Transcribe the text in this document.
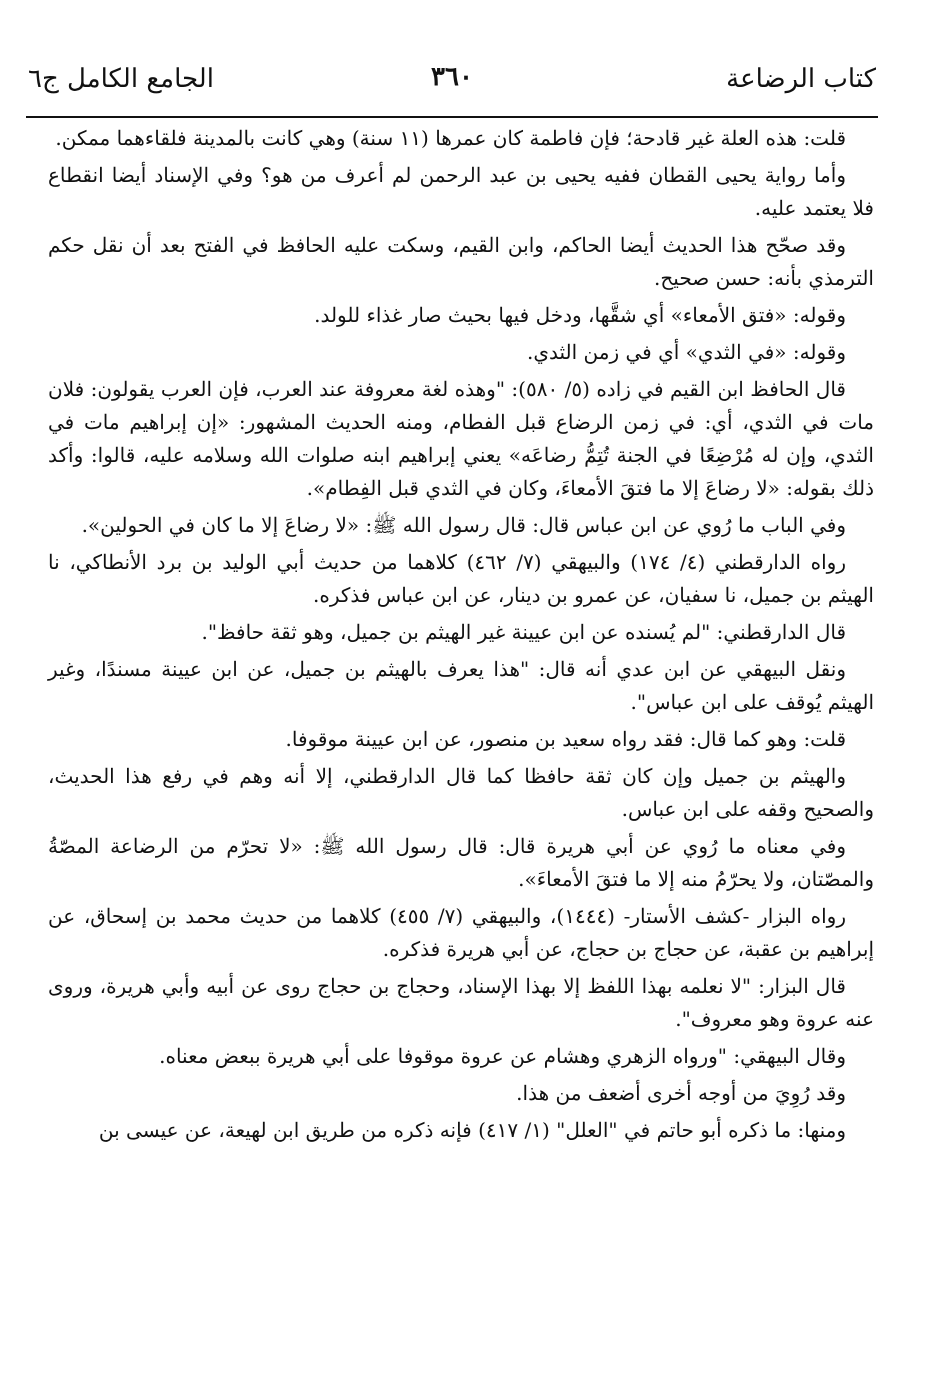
كتاب الرضاعة
٣٦٠
الجامع الكامل ج٦

قلت: هذه العلة غير قادحة؛ فإن فاطمة كان عمرها (١١ سنة) وهي كانت بالمدينة فلقاءهما ممكن.

وأما رواية يحيى القطان ففيه يحيى بن عبد الرحمن لم أعرف من هو؟ وفي الإسناد أيضا انقطاع فلا يعتمد عليه.

وقد صحّح هذا الحديث أيضا الحاكم، وابن القيم، وسكت عليه الحافظ في الفتح بعد أن نقل حكم الترمذي بأنه: حسن صحيح.

وقوله: «فتق الأمعاء» أي شقَّها، ودخل فيها بحيث صار غذاء للولد.

وقوله: «في الثدي» أي في زمن الثدي.

قال الحافظ ابن القيم في زاده (٥/ ٥٨٠): "وهذه لغة معروفة عند العرب، فإن العرب يقولون: فلان مات في الثدي، أي: في زمن الرضاع قبل الفطام، ومنه الحديث المشهور: «إن إبراهيم مات في الثدي، وإن له مُرْضِعًا في الجنة تُتِمُّ رضاعَه» يعني إبراهيم ابنه صلوات الله وسلامه عليه، قالوا: وأكد ذلك بقوله: «لا رضاعَ إلا ما فتقَ الأمعاءَ، وكان في الثدي قبل الفِطام».

وفي الباب ما رُوي عن ابن عباس قال: قال رسول الله ﷺ: «لا رضاعَ إلا ما كان في الحولين».

رواه الدارقطني (٤/ ١٧٤) والبيهقي (٧/ ٤٦٢) كلاهما من حديث أبي الوليد بن برد الأنطاكي، نا الهيثم بن جميل، نا سفيان، عن عمرو بن دينار، عن ابن عباس فذكره.

قال الدارقطني: "لم يُسنده عن ابن عيينة غير الهيثم بن جميل، وهو ثقة حافظ".

ونقل البيهقي عن ابن عدي أنه قال: "هذا يعرف بالهيثم بن جميل، عن ابن عيينة مسندًا، وغير الهيثم يُوقف على ابن عباس".

قلت: وهو كما قال: فقد رواه سعيد بن منصور، عن ابن عيينة موقوفا.

والهيثم بن جميل وإن كان ثقة حافظا كما قال الدارقطني، إلا أنه وهم في رفع هذا الحديث، والصحيح وقفه على ابن عباس.

وفي معناه ما رُوي عن أبي هريرة قال: قال رسول الله ﷺ: «لا تحرّم من الرضاعة المصّةُ والمصّتان، ولا يحرّمُ منه إلا ما فتقَ الأمعاءَ».

رواه البزار -كشف الأستار- (١٤٤٤)، والبيهقي (٧/ ٤٥٥) كلاهما من حديث محمد بن إسحاق، عن إبراهيم بن عقبة، عن حجاج بن حجاج، عن أبي هريرة فذكره.

قال البزار: "لا نعلمه بهذا اللفظ إلا بهذا الإسناد، وحجاج بن حجاج روى عن أبيه وأبي هريرة، وروى عنه عروة وهو معروف".

وقال البيهقي: "ورواه الزهري وهشام عن عروة موقوفا على أبي هريرة ببعض معناه.

وقد رُوِيَ من أوجه أخرى أضعف من هذا.

ومنها: ما ذكره أبو حاتم في "العلل" (١/ ٤١٧) فإنه ذكره من طريق ابن لهيعة، عن عيسى بن
